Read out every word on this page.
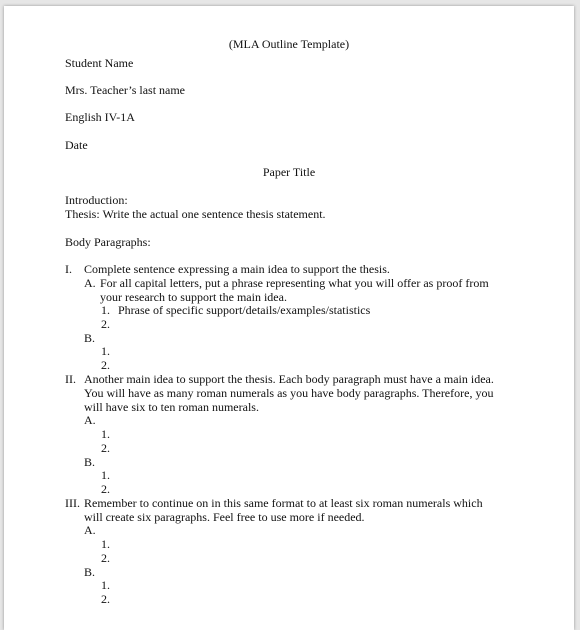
(MLA Outline Template)
Student Name
Mrs. Teacher’s last name
English IV-1A
Date
Paper Title
Introduction:
Thesis: Write the actual one sentence thesis statement.
Body Paragraphs:
I. Complete sentence expressing a main idea to support the thesis.
A. For all capital letters, put a phrase representing what you will offer as proof from
your research to support the main idea.
1. Phrase of specific support/details/examples/statistics
2.
B.
1.
2.
II. Another main idea to support the thesis. Each body paragraph must have a main idea.
You will have as many roman numerals as you have body paragraphs. Therefore, you
will have six to ten roman numerals.
A.
1.
2.
B.
1.
2.
III. Remember to continue on in this same format to at least six roman numerals which
will create six paragraphs. Feel free to use more if needed.
A.
1.
2.
B.
1.
2.
